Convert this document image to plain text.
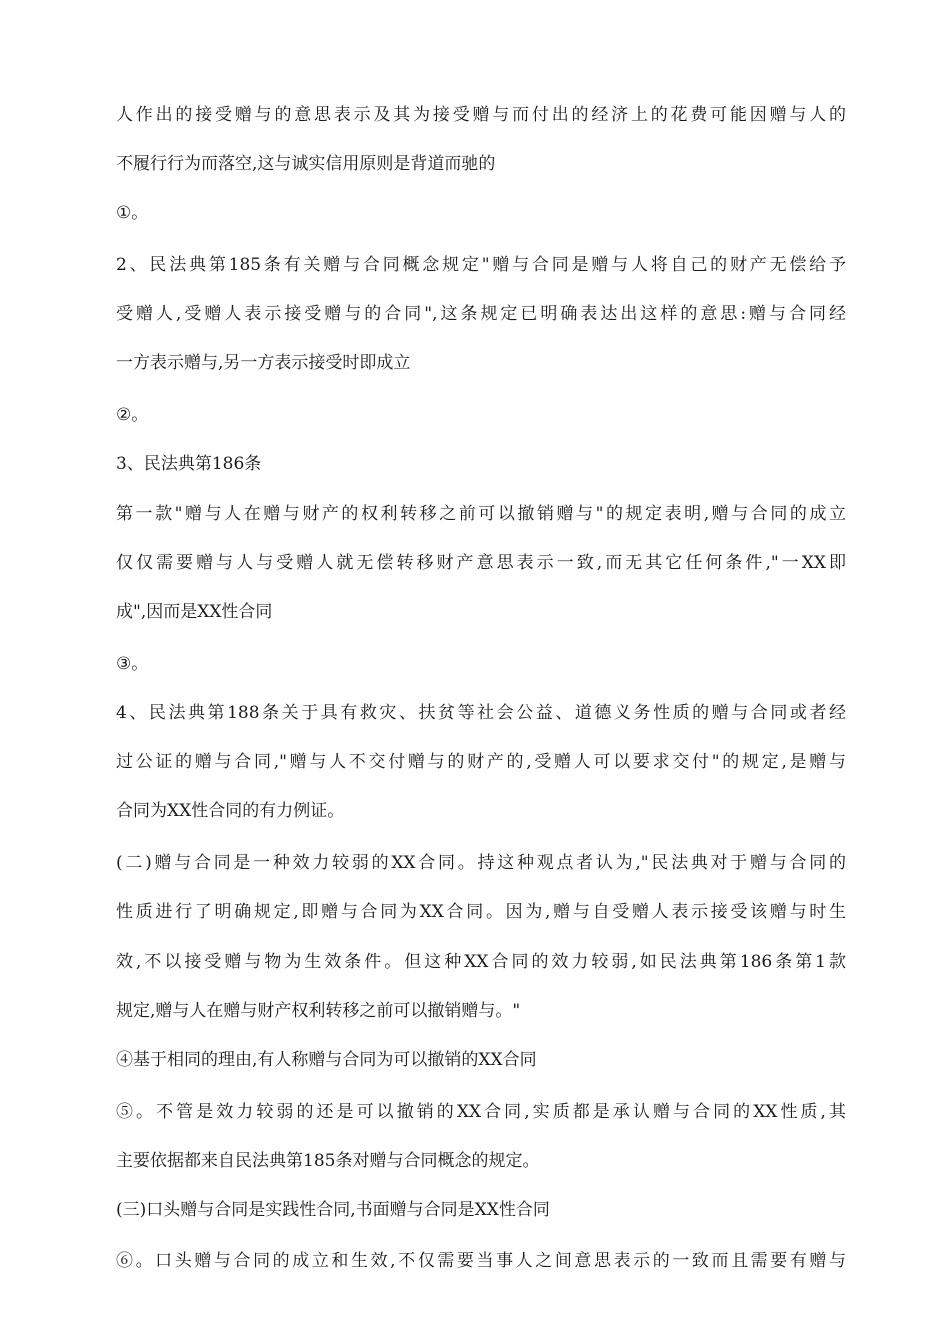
人作出的接受赠与的意思表示及其为接受赠与而付出的经济上的花费可能因赠与人的
不履行行为而落空,这与诚实信用原则是背道而驰的
①。
2、民法典第185条有关赠与合同概念规定"赠与合同是赠与人将自己的财产无偿给予
受赠人,受赠人表示接受赠与的合同",这条规定已明确表达出这样的意思:赠与合同经
一方表示赠与,另一方表示接受时即成立
②。
3、民法典第186条
第一款"赠与人在赠与财产的权利转移之前可以撤销赠与"的规定表明,赠与合同的成立
仅仅需要赠与人与受赠人就无偿转移财产意思表示一致,而无其它任何条件,"一XX即
成",因而是XX性合同
③。
4、民法典第188条关于具有救灾、扶贫等社会公益、道德义务性质的赠与合同或者经
过公证的赠与合同,"赠与人不交付赠与的财产的,受赠人可以要求交付"的规定,是赠与
合同为XX性合同的有力例证。
(二)赠与合同是一种效力较弱的XX合同。持这种观点者认为,"民法典对于赠与合同的
性质进行了明确规定,即赠与合同为XX合同。因为,赠与自受赠人表示接受该赠与时生
效,不以接受赠与物为生效条件。但这种XX合同的效力较弱,如民法典第186条第1款
规定,赠与人在赠与财产权利转移之前可以撤销赠与。"
④基于相同的理由,有人称赠与合同为可以撤销的XX合同
⑤。不管是效力较弱的还是可以撤销的XX合同,实质都是承认赠与合同的XX性质,其
主要依据都来自民法典第185条对赠与合同概念的规定。
(三)口头赠与合同是实践性合同,书面赠与合同是XX性合同
⑥。口头赠与合同的成立和生效,不仅需要当事人之间意思表示的一致而且需要有赠与
